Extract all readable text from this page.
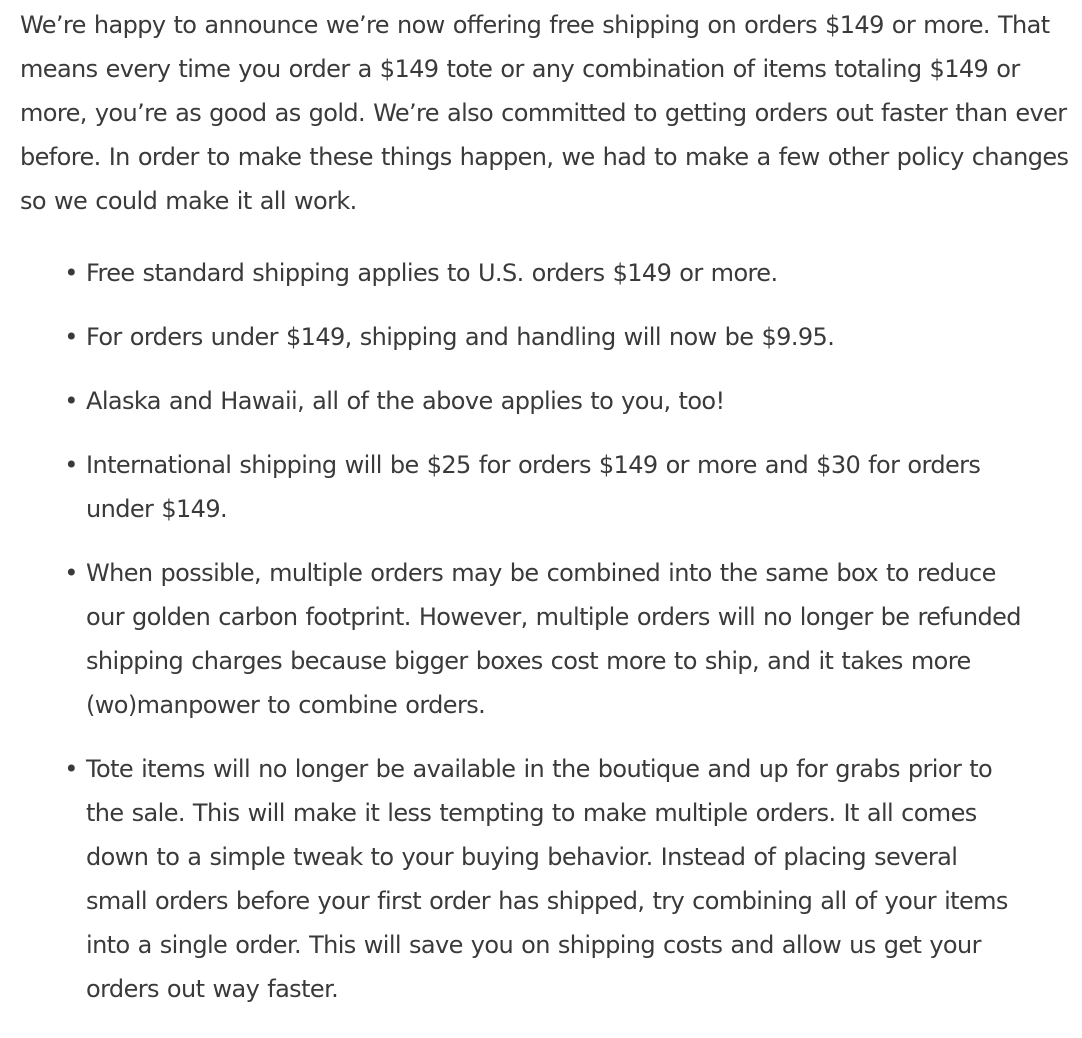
We’re happy to announce we’re now offering free shipping on orders $149 or more. That means every time you order a $149 tote or any combination of items totaling $149 or more, you’re as good as gold. We’re also committed to getting orders out faster than ever before. In order to make these things happen, we had to make a few other policy changes so we could make it all work.

• Free standard shipping applies to U.S. orders $149 or more.
• For orders under $149, shipping and handling will now be $9.95.
• Alaska and Hawaii, all of the above applies to you, too!
• International shipping will be $25 for orders $149 or more and $30 for orders under $149.
• When possible, multiple orders may be combined into the same box to reduce our golden carbon footprint. However, multiple orders will no longer be refunded shipping charges because bigger boxes cost more to ship, and it takes more (wo)manpower to combine orders.
• Tote items will no longer be available in the boutique and up for grabs prior to the sale. This will make it less tempting to make multiple orders. It all comes down to a simple tweak to your buying behavior. Instead of placing several small orders before your first order has shipped, try combining all of your items into a single order. This will save you on shipping costs and allow us get your orders out way faster.
